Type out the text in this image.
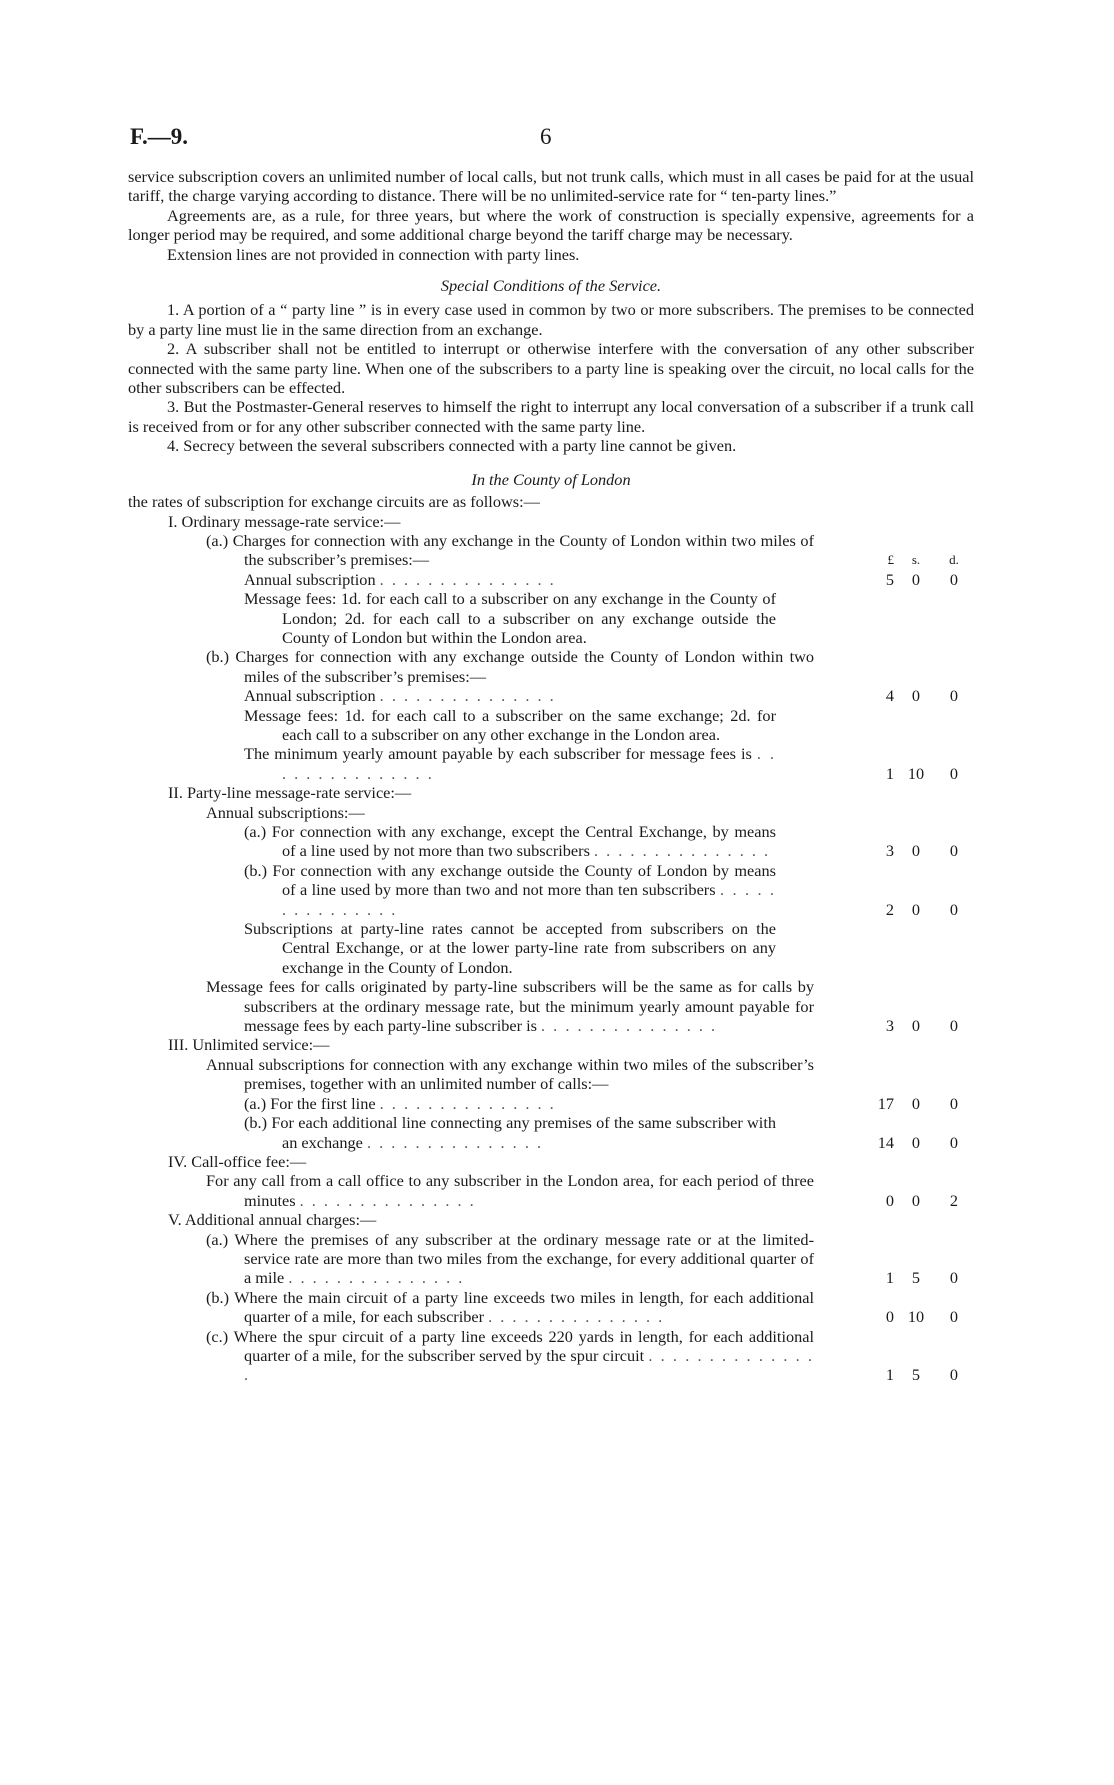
F.—9.	6

service subscription covers an unlimited number of local calls, but not trunk calls, which must in all cases be paid for at the usual tariff, the charge varying according to distance. There will be no unlimited-service rate for “ ten-party lines.”

Agreements are, as a rule, for three years, but where the work of construction is specially expensive, agreements for a longer period may be required, and some additional charge beyond the tariff charge may be necessary.

Extension lines are not provided in connection with party lines.

Special Conditions of the Service.

1. A portion of a “ party line ” is in every case used in common by two or more subscribers. The premises to be connected by a party line must lie in the same direction from an exchange.

2. A subscriber shall not be entitled to interrupt or otherwise interfere with the conversation of any other subscriber connected with the same party line. When one of the subscribers to a party line is speaking over the circuit, no local calls for the other subscribers can be effected.

3. But the Postmaster-General reserves to himself the right to interrupt any local conversation of a subscriber if a trunk call is received from or for any other subscriber connected with the same party line.

4. Secrecy between the several subscribers connected with a party line cannot be given.

In the County of London

the rates of subscription for exchange circuits are as follows:—

I. Ordinary message-rate service:—
(a.) Charges for connection with any exchange in the County of London within two miles of the subscriber’s premises:—	£	s.	d.
Annual subscription . . . . . . . . . . . . . . .	5	0	0
Message fees: 1d. for each call to a subscriber on any exchange in the County of London; 2d. for each call to a subscriber on any exchange outside the County of London but within the London area.
(b.) Charges for connection with any exchange outside the County of London within two miles of the subscriber’s premises:—
Annual subscription . . . . . . . . . . . . . . .	4	0	0
Message fees: 1d. for each call to a subscriber on the same exchange; 2d. for each call to a subscriber on any other exchange in the London area.
The minimum yearly amount payable by each subscriber for message fees is . . . . . . . . . . . . . . .	1 10	0
II. Party-line message-rate service:—
Annual subscriptions:—
(a.) For connection with any exchange, except the Central Exchange, by means of a line used by not more than two subscribers . . . . . . . . . . . . . . .	3	0	0
(b.) For connection with any exchange outside the County of London by means of a line used by more than two and not more than ten subscribers . . . . . . . . . . . . . . .	2	0	0
Subscriptions at party-line rates cannot be accepted from subscribers on the Central Exchange, or at the lower party-line rate from subscribers on any exchange in the County of London.
Message fees for calls originated by party-line subscribers will be the same as for calls by subscribers at the ordinary message rate, but the minimum yearly amount payable for message fees by each party-line subscriber is . . . . . . . . . . . . . . .	3	0	0
III. Unlimited service:—
Annual subscriptions for connection with any exchange within two miles of the subscriber’s premises, together with an unlimited number of calls:—
(a.) For the first line . . . . . . . . . . . . . . .	17	0	0
(b.) For each additional line connecting any premises of the same subscriber with an exchange . . . . . . . . . . . . . . .	14	0	0
IV. Call-office fee:—
For any call from a call office to any subscriber in the London area, for each period of three minutes . . . . . . . . . . . . . . .	0	0	2
V. Additional annual charges:—
(a.) Where the premises of any subscriber at the ordinary message rate or at the limited-service rate are more than two miles from the exchange, for every additional quarter of a mile . . . . . . . . . . . . . . .	1	5	0
(b.) Where the main circuit of a party line exceeds two miles in length, for each additional quarter of a mile, for each subscriber . . . . . . . . . . . . . . .	0 10	0
(c.) Where the spur circuit of a party line exceeds 220 yards in length, for each additional quarter of a mile, for the subscriber served by the spur circuit . . . . . . . . . . . . . . .	1	5	0
